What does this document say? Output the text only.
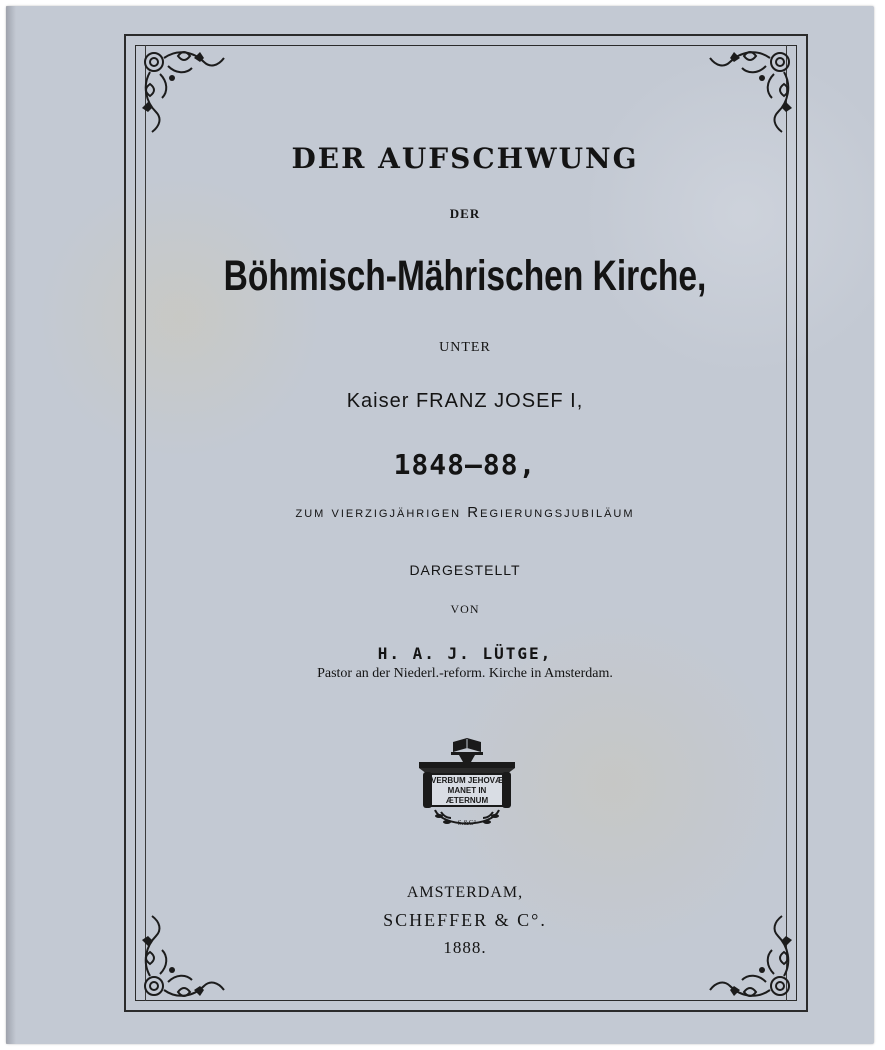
DER AUFSCHWUNG
DER
Böhmisch-Mährischen Kirche,
UNTER
Kaiser FRANZ JOSEF I,
1848—88,
zum vierzigjährigen Regierungsjubiläum
DARGESTELLT
VON
H. A. J. LÜTGE,
Pastor an der Niederl.-reform. Kirche in Amsterdam.
VERBUM JEHOVÆ
MANET IN
ÆTERNUM
S.&C°
AMSTERDAM,
SCHEFFER & C°.
1888.
